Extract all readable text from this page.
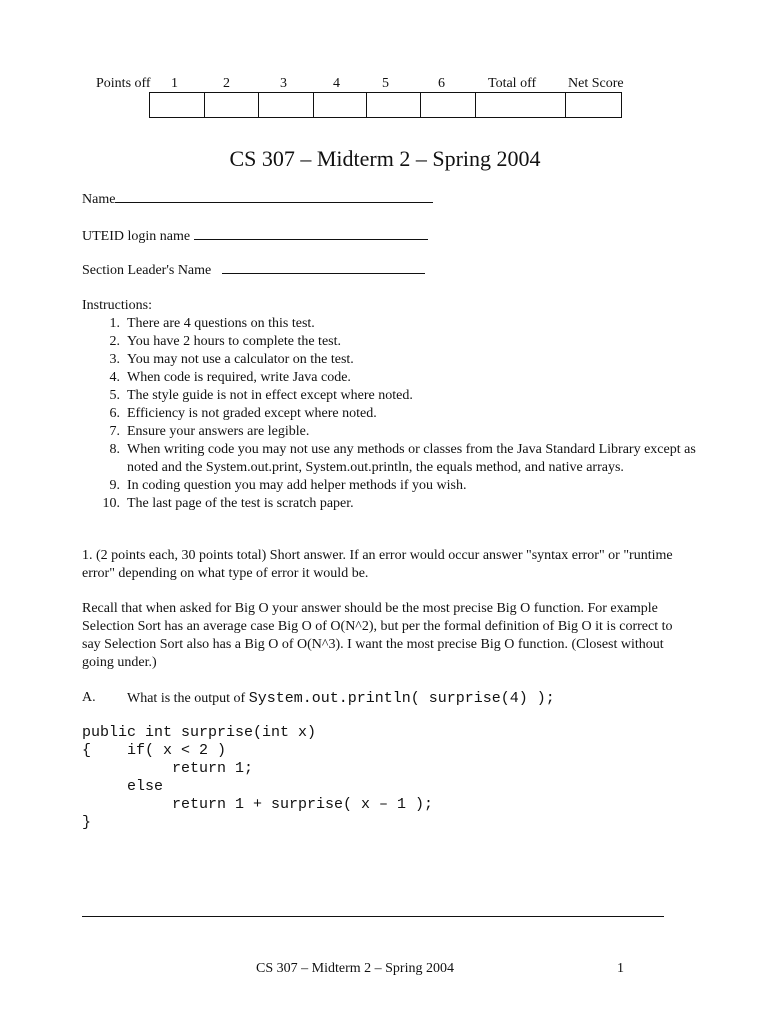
Points off 1	2	3	4	5	6	Total off Net Score
CS 307 – Midterm 2 – Spring 2004
Name
UTEID login name
Section Leader's Name
Instructions:
1. There are 4 questions on this test.
2. You have 2 hours to complete the test.
3. You may not use a calculator on the test.
4. When code is required, write Java code.
5. The style guide is not in effect except where noted.
6. Efficiency is not graded except where noted.
7. Ensure your answers are legible.
8. When writing code you may not use any methods or classes from the Java Standard Library except as noted and the System.out.print, System.out.println, the equals method, and native arrays.
9. In coding question you may add helper methods if you wish.
10. The last page of the test is scratch paper.
1. (2 points each, 30 points total) Short answer. If an error would occur answer "syntax error" or "runtime error" depending on what type of error it would be.
Recall that when asked for Big O your answer should be the most precise Big O function. For example Selection Sort has an average case Big O of O(N^2), but per the formal definition of Big O it is correct to say Selection Sort also has a Big O of O(N^3). I want the most precise Big O function. (Closest without going under.)
A. What is the output of System.out.println( surprise(4) );
public int surprise(int x)
{    if( x < 2 )
return 1;
else
return 1 + surprise( x – 1 );
}
CS 307 – Midterm 2 – Spring 2004	1
